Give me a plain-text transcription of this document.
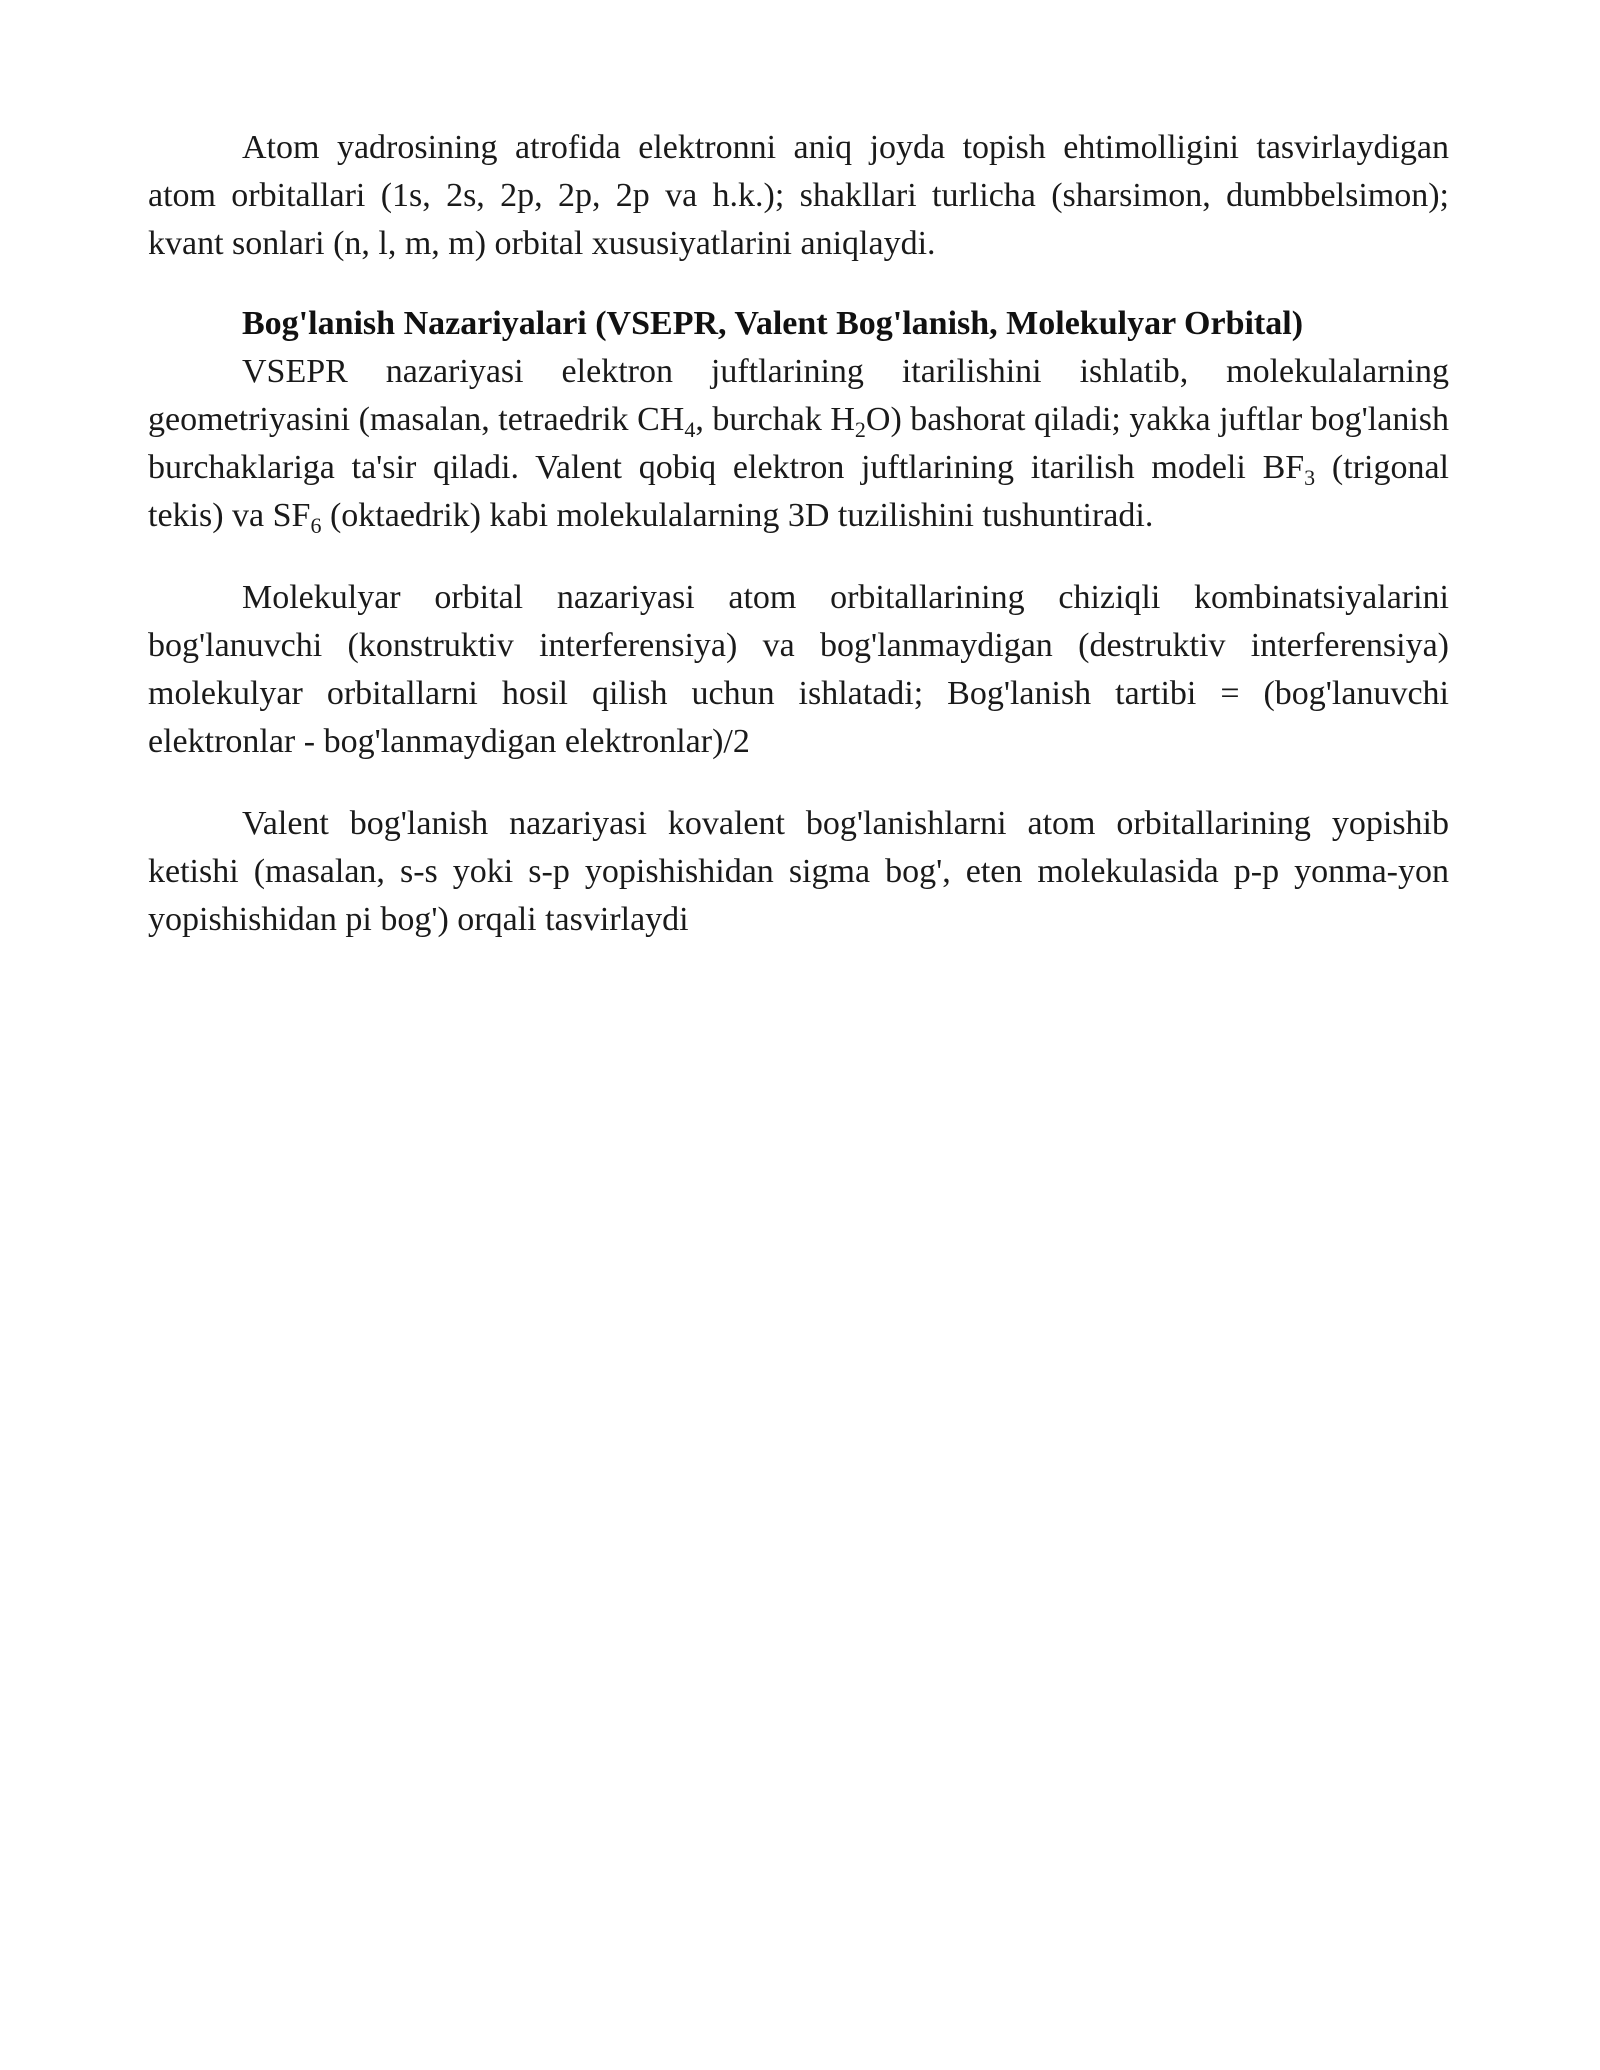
Atom yadrosining atrofida elektronni aniq joyda topish ehtimolligini tasvirlaydigan atom orbitallari (1s, 2s, 2p, 2p, 2p va h.k.); shakllari turlicha (sharsimon, dumbbelsimon); kvant sonlari (n, l, m, m) orbital xususiyatlarini aniqlaydi.

Bog'lanish Nazariyalari (VSEPR, Valent Bog'lanish, Molekulyar Orbital)

VSEPR nazariyasi elektron juftlarining itarilishini ishlatib, molekulalarning geometriyasini (masalan, tetraedrik $CH_4$, burchak $H_2O$) bashorat qiladi; yakka juftlar bog'lanish burchaklariga ta'sir qiladi. Valent qobiq elektron juftlarining itarilish modeli $BF_3$ (trigonal tekis) va $SF_6$ (oktaedrik) kabi molekulalarning 3D tuzilishini tushuntiradi.

Molekulyar orbital nazariyasi atom orbitallarining chiziqli kombinatsiyalarini bog'lanuvchi (konstruktiv interferensiya) va bog'lanmaydigan (destruktiv interferensiya) molekulyar orbitallarni hosil qilish uchun ishlatadi; Bog'lanish tartibi = (bog'lanuvchi elektronlar - bog'lanmaydigan elektronlar)/2

Valent bog'lanish nazariyasi kovalent bog'lanishlarni atom orbitallarining yopishib ketishi (masalan, s-s yoki s-p yopishishidan sigma bog', eten molekulasida p-p yonma-yon yopishishidan pi bog') orqali tasvirlaydi
